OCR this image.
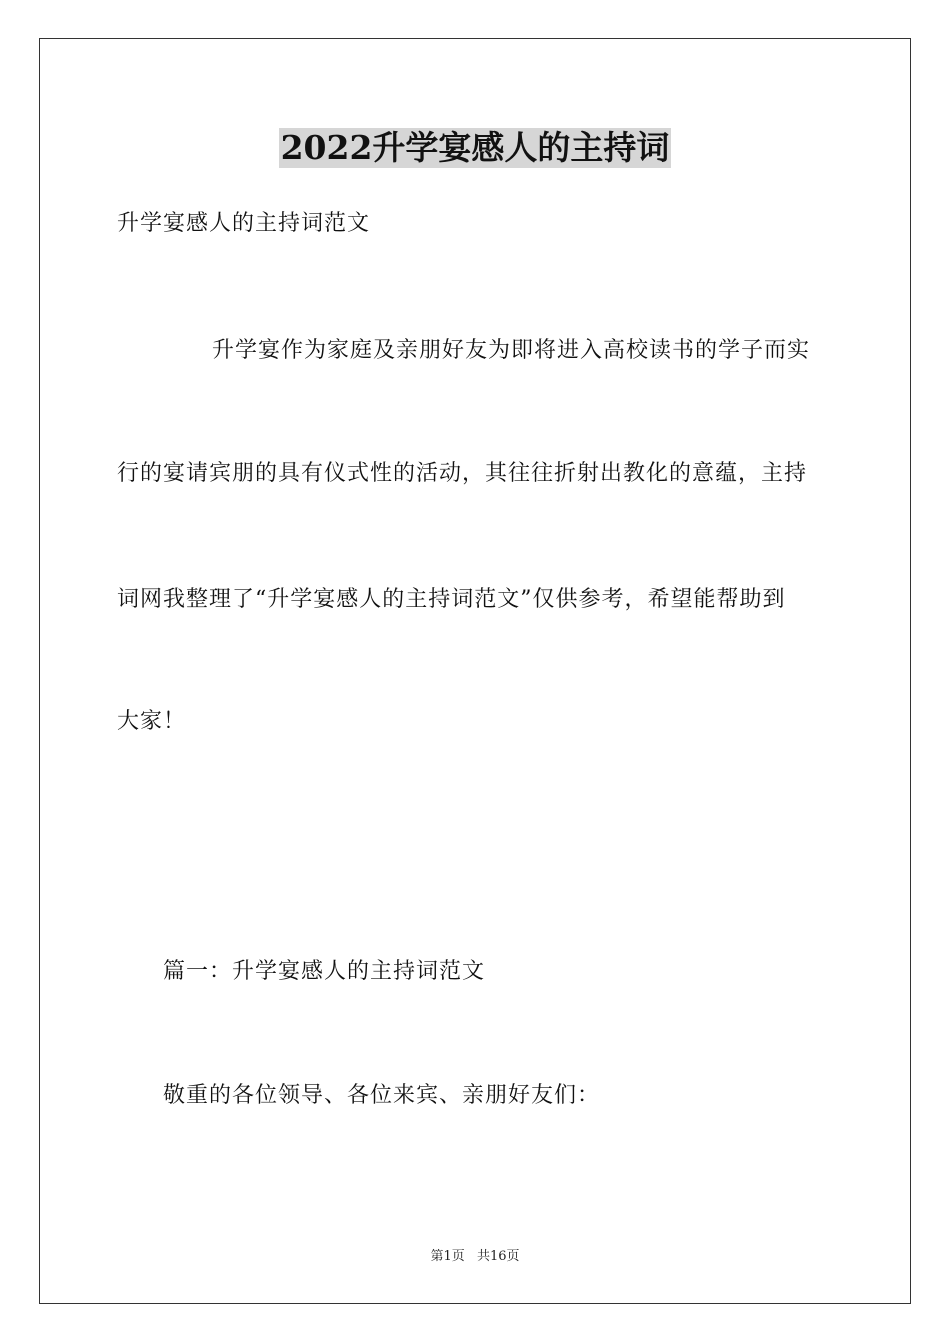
2022升学宴感人的主持词
升学宴感人的主持词范文
升学宴作为家庭及亲朋好友为即将进入高校读书的学子而实
行的宴请宾朋的具有仪式性的活动，其往往折射出教化的意蕴，主持
词网我整理了“升学宴感人的主持词范文”仅供参考，希望能帮助到
大家！
篇一：升学宴感人的主持词范文
敬重的各位领导、各位来宾、亲朋好友们：
第1页 共16页
